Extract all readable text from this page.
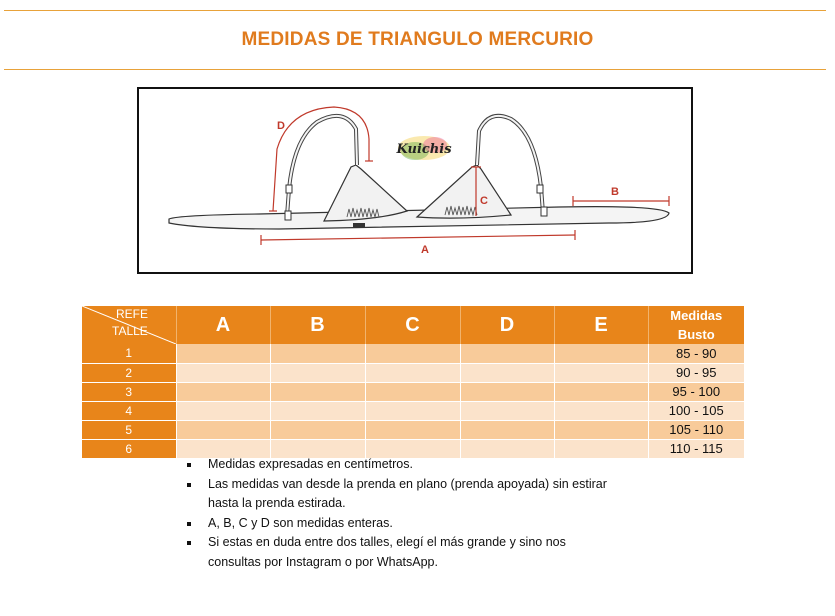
MEDIDAS DE TRIANGULO MERCURIO
A
B
C
D
Kuichis
REFE
TALLE	A	B	C	D	E	Medidas
Busto
1						85 - 90
2						90 - 95
3						95 - 100
4						100 - 105
5						105 - 110
6						110 - 115
Medidas expresadas en centímetros.
Las medidas van desde la prenda en plano (prenda apoyada) sin estirar hasta la prenda estirada.
A, B, C y D son medidas enteras.
Si estas en duda entre dos talles, elegí el más grande y sino nos consultas por Instagram o por WhatsApp.
